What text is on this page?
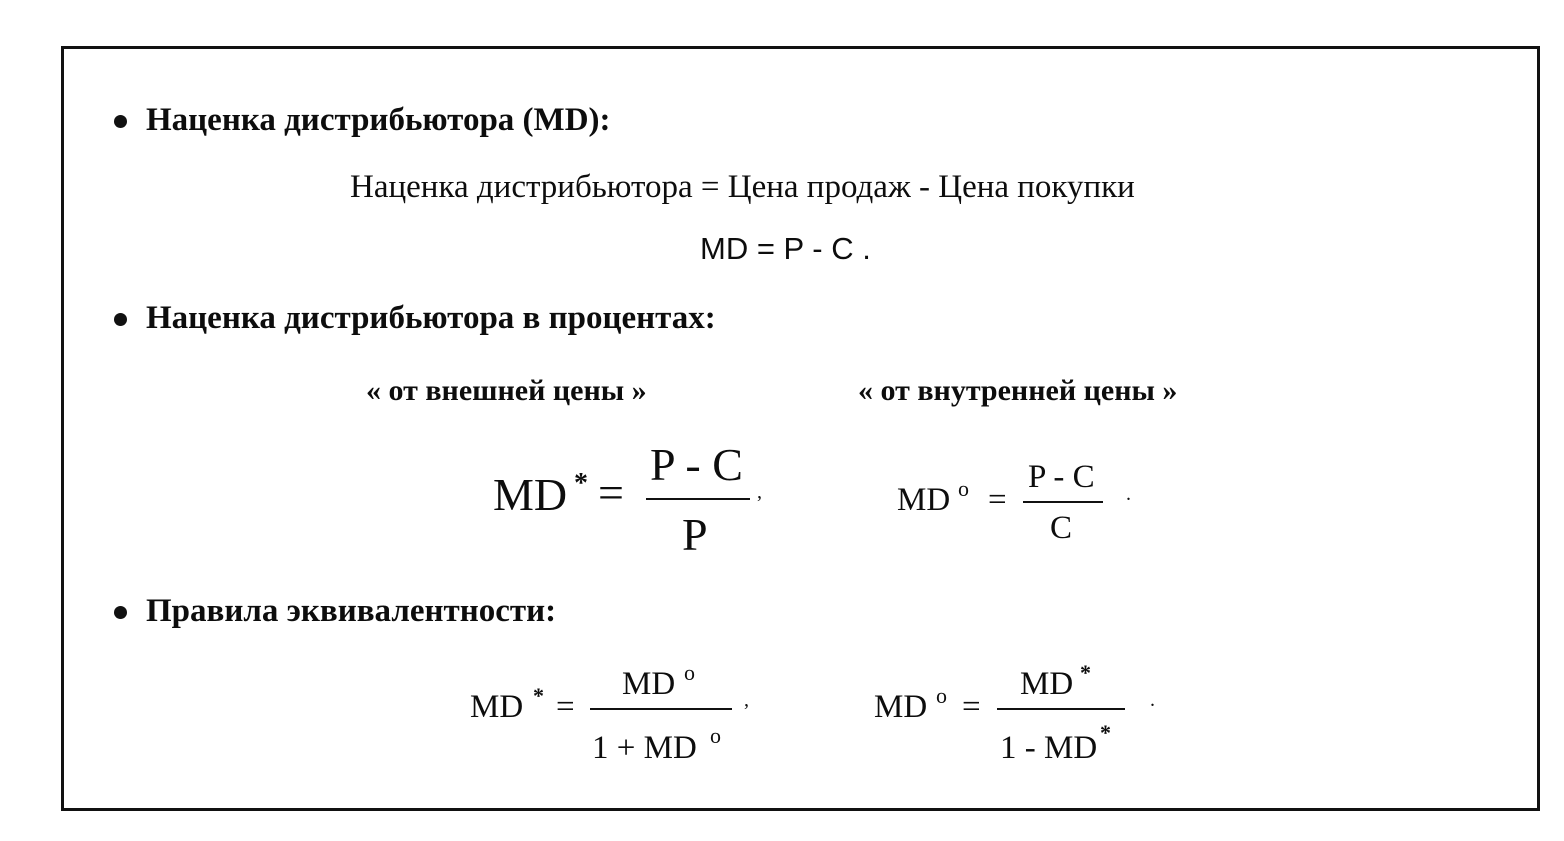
Наценка дистрибьютора (MD):
Наценка дистрибьютора = Цена продаж - Цена покупки
MD = P - C .
Наценка дистрибьютора в процентах:
« от внешней цены »	« от внутренней цены »
MD * =
P - C
P
,	MD o =
P - C
C
.
Правила эквивалентности:
MD * =
MD o
1 + MD o
,	MD o =
MD *
1 - MD *
.
